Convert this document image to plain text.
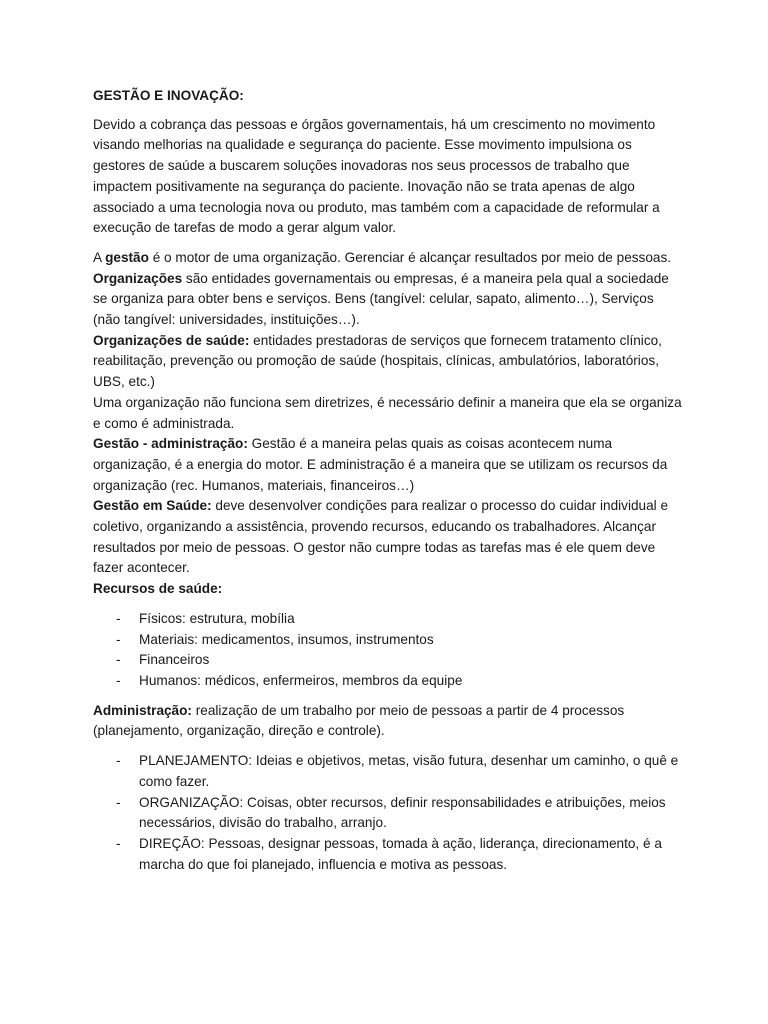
GESTÃO E INOVAÇÃO:

Devido a cobrança das pessoas e órgãos governamentais, há um crescimento no movimento visando melhorias na qualidade e segurança do paciente. Esse movimento impulsiona os gestores de saúde a buscarem soluções inovadoras nos seus processos de trabalho que impactem positivamente na segurança do paciente. Inovação não se trata apenas de algo associado a uma tecnologia nova ou produto, mas também com a capacidade de reformular a execução de tarefas de modo a gerar algum valor.

A gestão é o motor de uma organização. Gerenciar é alcançar resultados por meio de pessoas.

Organizações são entidades governamentais ou empresas, é a maneira pela qual a sociedade se organiza para obter bens e serviços. Bens (tangível: celular, sapato, alimento…), Serviços (não tangível: universidades, instituições…).

Organizações de saúde: entidades prestadoras de serviços que fornecem tratamento clínico, reabilitação, prevenção ou promoção de saúde (hospitais, clínicas, ambulatórios, laboratórios, UBS, etc.)

Uma organização não funciona sem diretrizes, é necessário definir a maneira que ela se organiza e como é administrada.

Gestão - administração: Gestão é a maneira pelas quais as coisas acontecem numa organização, é a energia do motor. E administração é a maneira que se utilizam os recursos da organização (rec. Humanos, materiais, financeiros…)

Gestão em Saúde: deve desenvolver condições para realizar o processo do cuidar individual e coletivo, organizando a assistência, provendo recursos, educando os trabalhadores. Alcançar resultados por meio de pessoas. O gestor não cumpre todas as tarefas mas é ele quem deve fazer acontecer.

Recursos de saúde:

- Físicos: estrutura, mobília
- Materiais: medicamentos, insumos, instrumentos
- Financeiros
- Humanos: médicos, enfermeiros, membros da equipe

Administração: realização de um trabalho por meio de pessoas a partir de 4 processos (planejamento, organização, direção e controle).

- PLANEJAMENTO: Ideias e objetivos, metas, visão futura, desenhar um caminho, o quê e como fazer.
- ORGANIZAÇÃO: Coisas, obter recursos, definir responsabilidades e atribuições, meios necessários, divisão do trabalho, arranjo.
- DIREÇÃO: Pessoas, designar pessoas, tomada à ação, liderança, direcionamento, é a marcha do que foi planejado, influencia e motiva as pessoas.
